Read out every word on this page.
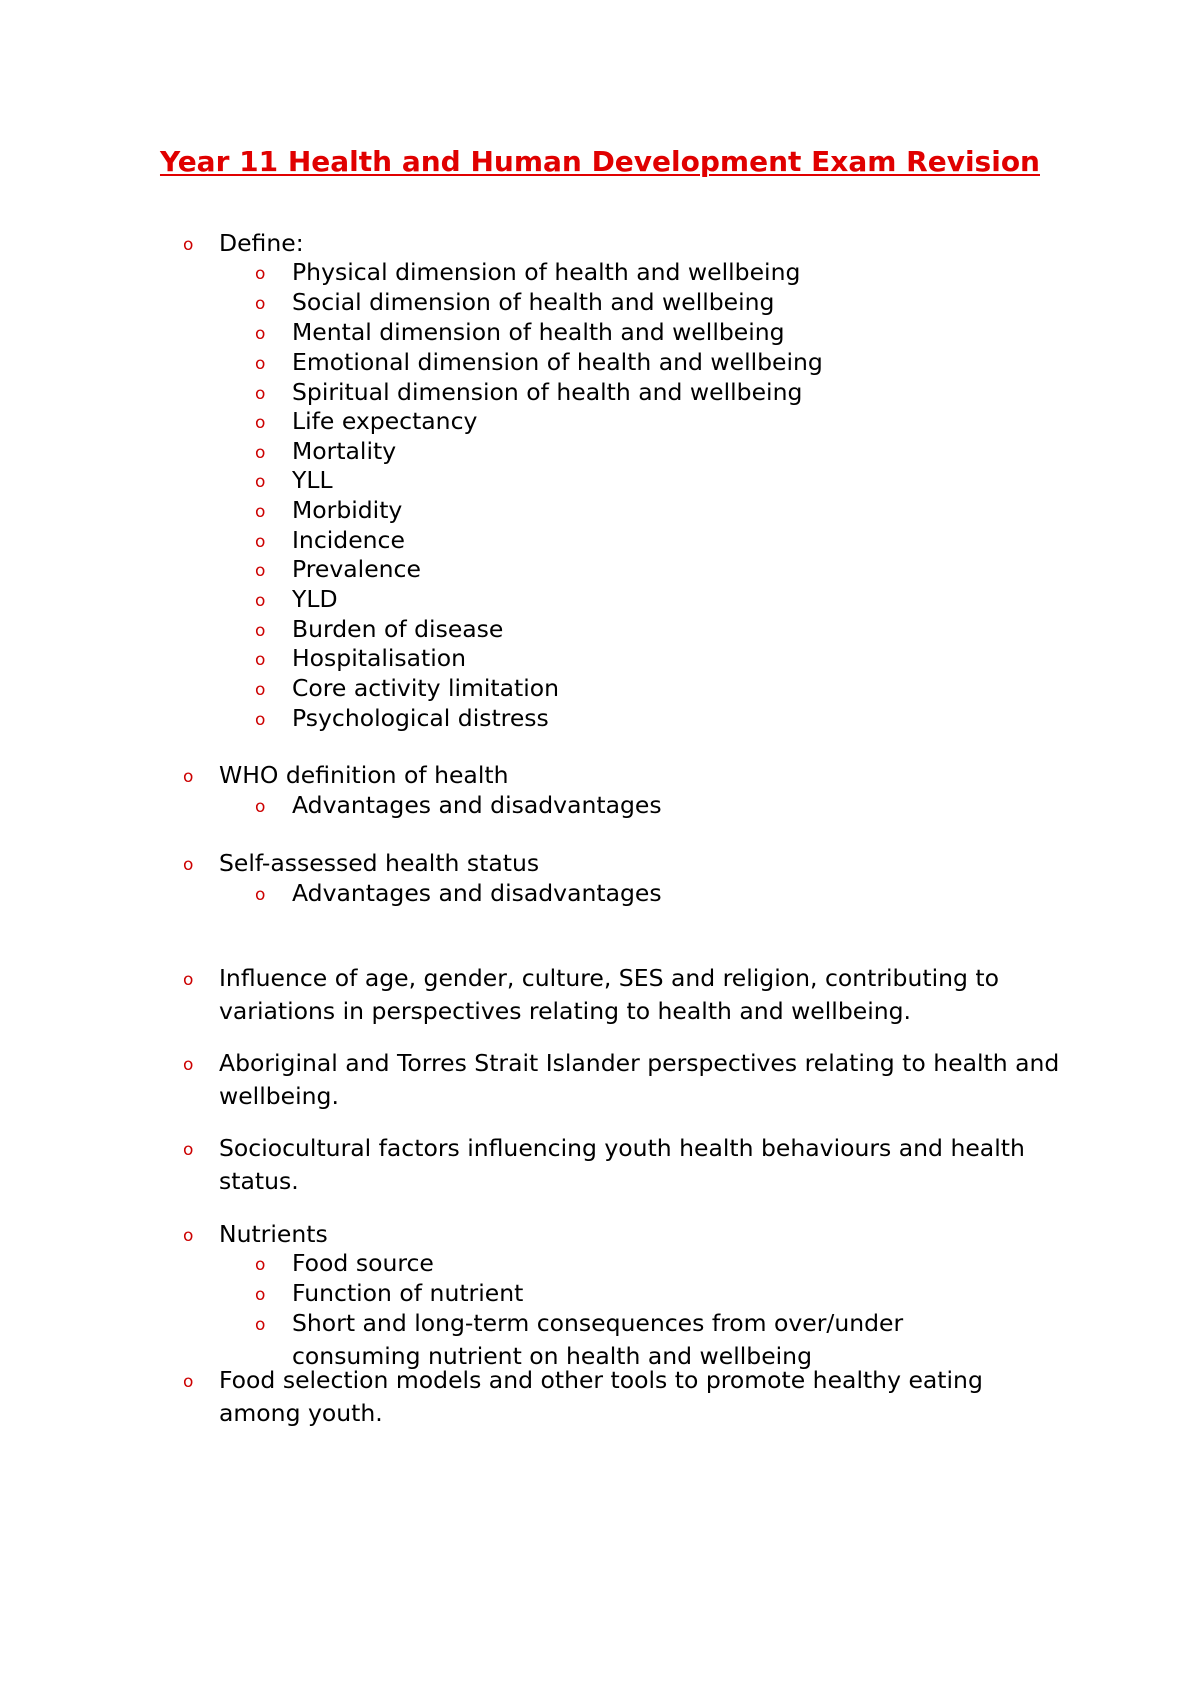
Year 11 Health and Human Development Exam Revision
o Define:
o Physical dimension of health and wellbeing
o Social dimension of health and wellbeing
o Mental dimension of health and wellbeing
o Emotional dimension of health and wellbeing
o Spiritual dimension of health and wellbeing
o Life expectancy
o Mortality
o YLL
o Morbidity
o Incidence
o Prevalence
o YLD
o Burden of disease
o Hospitalisation
o Core activity limitation
o Psychological distress
o WHO definition of health
o Advantages and disadvantages
o Self-assessed health status
o Advantages and disadvantages
o Influence of age, gender, culture, SES and religion, contributing to variations in perspectives relating to health and wellbeing.
o Aboriginal and Torres Strait Islander perspectives relating to health and wellbeing.
o Sociocultural factors influencing youth health behaviours and health status.
o Nutrients
o Food source
o Function of nutrient
o Short and long-term consequences from over/under consuming nutrient on health and wellbeing
o Food selection models and other tools to promote healthy eating among youth.
